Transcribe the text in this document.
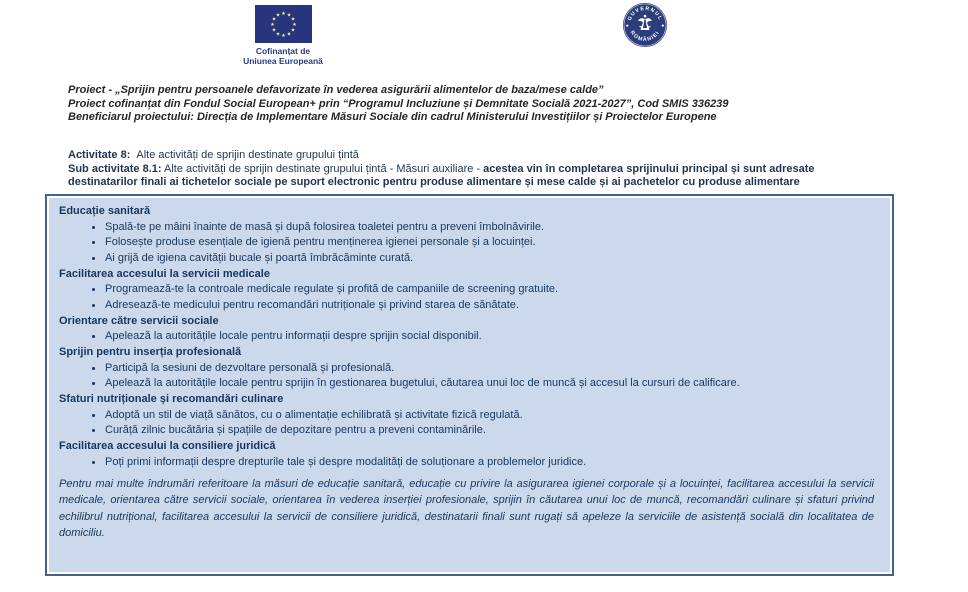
★ ★
★
★
★
★
★
★
★
★
★
★
Cofinanțat de
Uniunea Europeană
GUVERNUL
ROMÂNIEI
◆	◆
Proiect - „Sprijin pentru persoanele defavorizate în vederea asigurării alimentelor de baza/mese calde”
Proiect cofinanțat din Fondul Social European+ prin “Programul Incluziune și Demnitate Socială 2021-2027”, Cod SMIS 336239
Beneficiarul proiectului: Direcția de Implementare Măsuri Sociale din cadrul Ministerului Investițiilor și Proiectelor Europene
Activitate 8: Alte activități de sprijin destinate grupului țintă
Sub activitate 8.1: Alte activități de sprijin destinate grupului țintă - Măsuri auxiliare - acestea vin în completarea sprijinului principal și sunt adresate destinatarilor finali ai tichetelor sociale pe suport electronic pentru produse alimentare și mese calde și ai pachetelor cu produse alimentare
Educație sanitară
Spală-te pe mâini înainte de masă și după folosirea toaletei pentru a preveni îmbolnăvirile.
Folosește produse esențiale de igienă pentru menținerea igienei personale și a locuinței.
Ai grijă de igiena cavității bucale și poartă îmbrăcăminte curată.
Facilitarea accesului la servicii medicale
Programează-te la controale medicale regulate și profită de campaniile de screening gratuite.
Adresează-te medicului pentru recomandări nutriționale și privind starea de sănătate.
Orientare către servicii sociale
Apelează la autoritățile locale pentru informații despre sprijin social disponibil.
Sprijin pentru inserția profesională
Participă la sesiuni de dezvoltare personală și profesională.
Apelează la autoritățile locale pentru sprijin în gestionarea bugetului, căutarea unui loc de muncă și accesul la cursuri de calificare.
Sfaturi nutriționale și recomandări culinare
Adoptă un stil de viață sănătos, cu o alimentație echilibrată și activitate fizică regulată.
Curăță zilnic bucătăria și spațiile de depozitare pentru a preveni contaminările.
Facilitarea accesului la consiliere juridică
Poți primi informații despre drepturile tale și despre modalități de soluționare a problemelor juridice.
Pentru mai multe îndrumări referitoare la măsuri de educație sanitară, educație cu privire la asigurarea igienei corporale și a locuinței, facilitarea accesului la servicii medicale, orientarea către servicii sociale, orientarea în vederea inserției profesionale, sprijin în căutarea unui loc de muncă, recomandări culinare și sfaturi privind echilibrul nutrițional, facilitarea accesului la servicii de consiliere juridică, destinatarii finali sunt rugați să apeleze la serviciile de asistență socială din localitatea de domiciliu.
